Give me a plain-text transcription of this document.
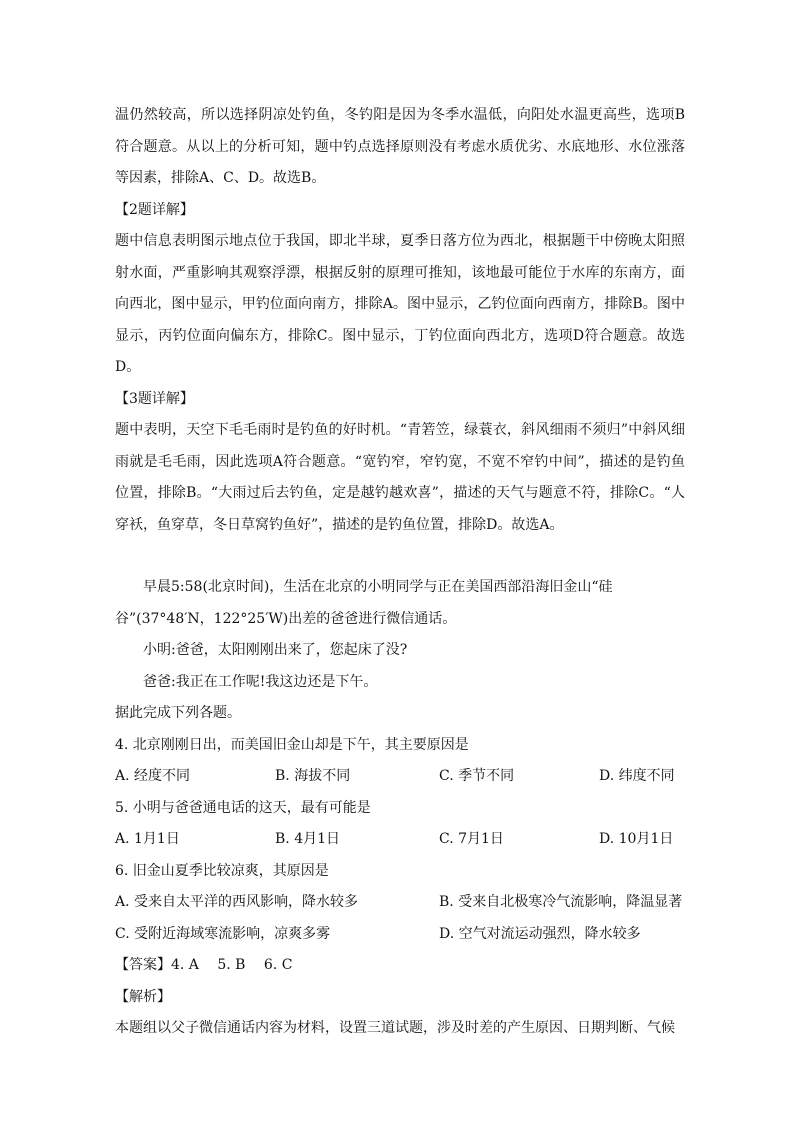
温仍然较高，所以选择阴凉处钓鱼，冬钓阳是因为冬季水温低，向阳处水温更高些，选项B符合题意。从以上的分析可知，题中钓点选择原则没有考虑水质优劣、水底地形、水位涨落等因素，排除A、C、D。故选B。

【2题详解】

题中信息表明图示地点位于我国，即北半球，夏季日落方位为西北，根据题干中傍晚太阳照射水面，严重影响其观察浮漂，根据反射的原理可推知，该地最可能位于水库的东南方，面向西北，图中显示，甲钓位面向南方，排除A。图中显示，乙钓位面向西南方，排除B。图中显示，丙钓位面向偏东方，排除C。图中显示，丁钓位面向西北方，选项D符合题意。故选D。

【3题详解】

题中表明，天空下毛毛雨时是钓鱼的好时机。“青箬笠，绿蓑衣，斜风细雨不须归”中斜风细雨就是毛毛雨，因此选项A符合题意。“宽钓窄，窄钓宽，不宽不窄钓中间”，描述的是钓鱼位置，排除B。“大雨过后去钓鱼，定是越钓越欢喜”，描述的天气与题意不符，排除C。“人穿袄，鱼穿草，冬日草窝钓鱼好”，描述的是钓鱼位置，排除D。故选A。

早晨5:58(北京时间)，生活在北京的小明同学与正在美国西部沿海旧金山“硅

谷”(37°48′N，122°25′W)出差的爸爸进行微信通话。

小明:爸爸，太阳刚刚出来了，您起床了没?

爸爸:我正在工作呢!我这边还是下午。

据此完成下列各题。

4. 北京刚刚日出，而美国旧金山却是下午，其主要原因是

A. 经度不同	B. 海拔不同	C. 季节不同	D. 纬度不同

5. 小明与爸爸通电话的这天，最有可能是

A. 1月1日	B. 4月1日	C. 7月1日	D. 10月1日

6. 旧金山夏季比较凉爽，其原因是

A. 受来自太平洋的西风影响，降水较多	B. 受来自北极寒冷气流影响，降温显著
C. 受附近海域寒流影响，凉爽多雾	D. 空气对流运动强烈，降水较多

【答案】4. A　 5. B　 6. C

【解析】

本题组以父子微信通话内容为材料，设置三道试题，涉及时差的产生原因、日期判断、气候
